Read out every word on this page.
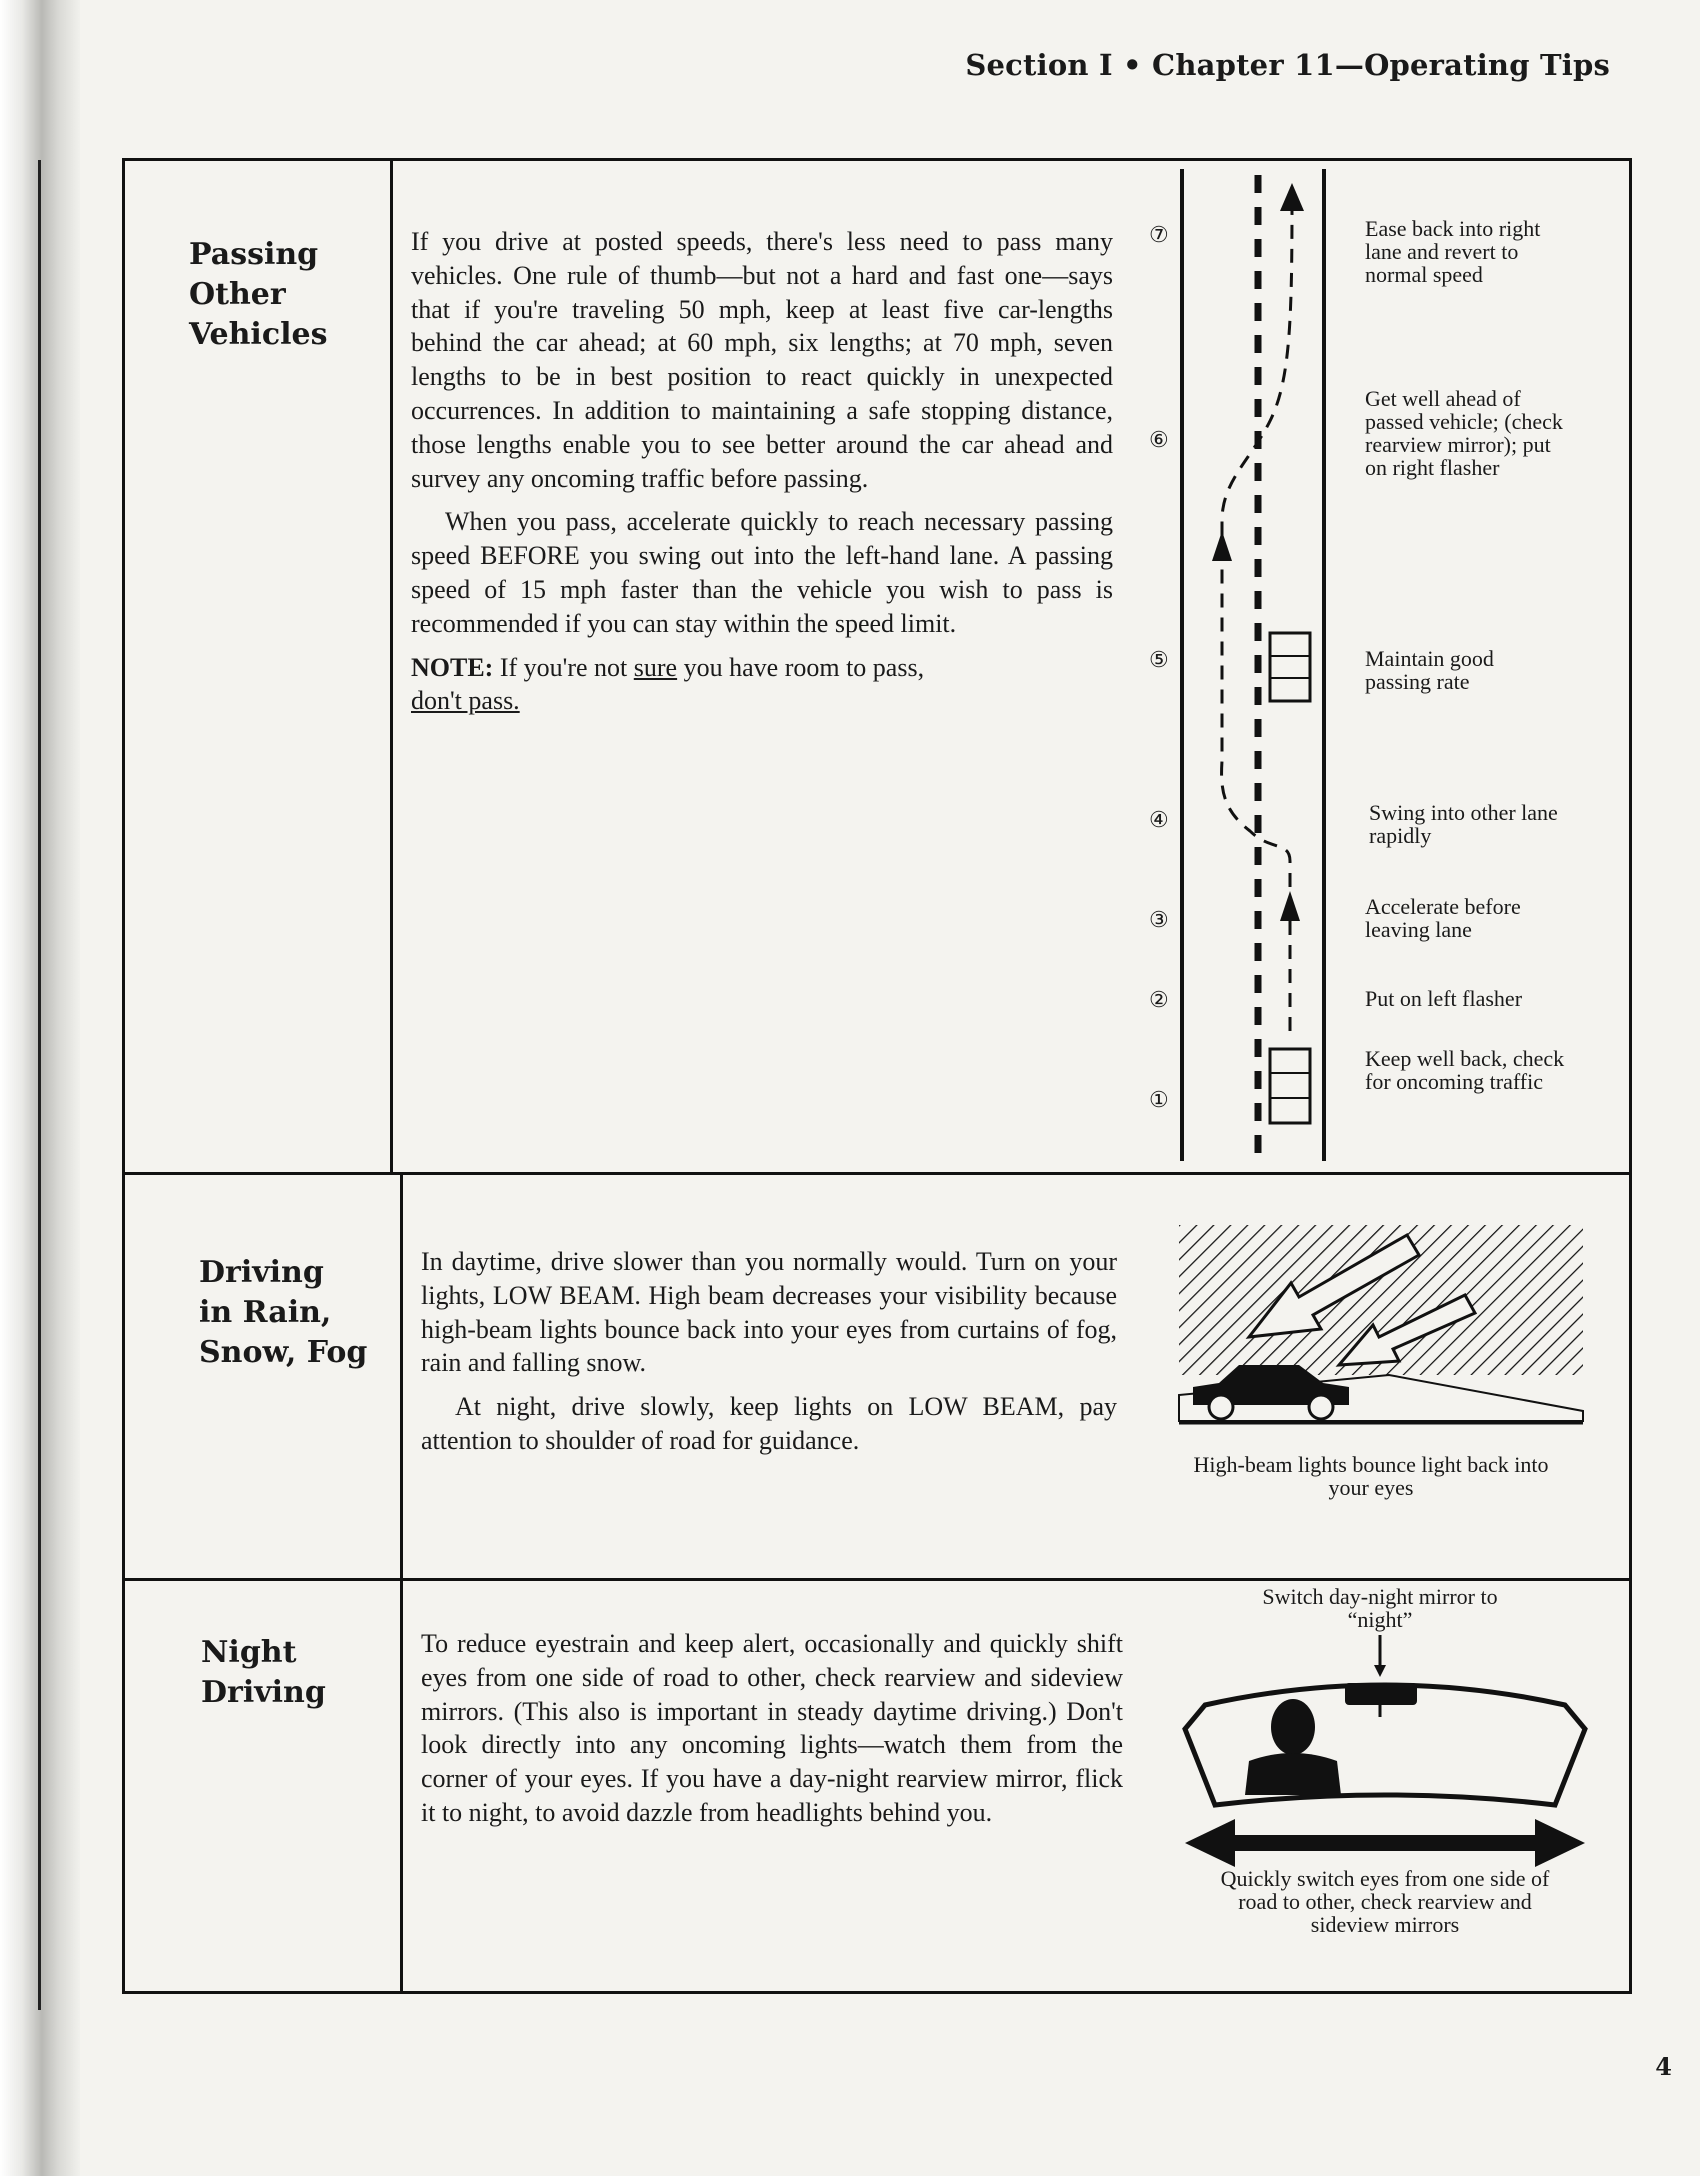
Section I • Chapter 11—Operating Tips
Passing
Other
Vehicles

If you drive at posted speeds, there's less need to pass many vehicles. One rule of thumb—but not a hard and fast one—says that if you're traveling 50 mph, keep at least five car-lengths behind the car ahead; at 60 mph, six lengths; at 70 mph, seven lengths to be in best position to react quickly in unexpected occurrences. In addition to maintaining a safe stopping distance, those lengths enable you to see better around the car ahead and survey any oncoming traffic before passing.

When you pass, accelerate quickly to reach necessary passing speed BEFORE you swing out into the left-hand lane. A passing speed of 15 mph faster than the vehicle you wish to pass is recommended if you can stay within the speed limit.

NOTE: If you're not sure you have room to pass,
don't pass.

⑦
⑥
⑤
④
③
②
①
Ease back into right lane and revert to normal speed
Get well ahead of passed vehicle; (check rearview mirror); put on right flasher
Maintain good passing rate
Swing into other lane rapidly
Accelerate before leaving lane
Put on left flasher
Keep well back, check for oncoming traffic
Driving
in Rain,
Snow, Fog

In daytime, drive slower than you normally would. Turn on your lights, LOW BEAM. High beam decreases your visibility because high-beam lights bounce back into your eyes from curtains of fog, rain and falling snow.

At night, drive slowly, keep lights on LOW BEAM, pay attention to shoulder of road for guidance.

High-beam lights bounce light back into your eyes
Night
Driving

To reduce eyestrain and keep alert, occasionally and quickly shift eyes from one side of road to other, check rearview and sideview mirrors. (This also is important in steady daytime driving.) Don't look directly into any oncoming lights—watch them from the corner of your eyes. If you have a day-night rearview mirror, flick it to night, to avoid dazzle from headlights behind you.

Switch day-night mirror to “night”
Quickly switch eyes from one side of road to other, check rearview and sideview mirrors
4
